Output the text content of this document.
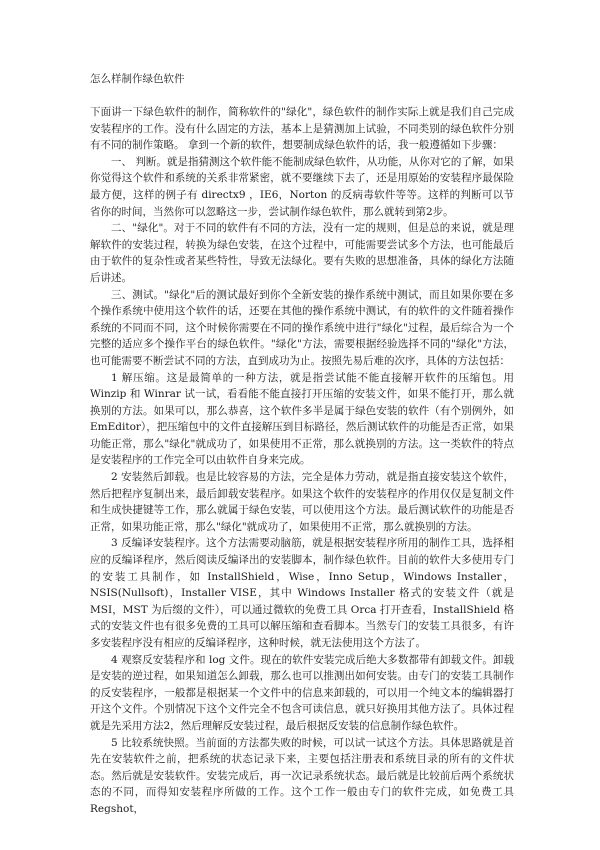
怎么样制作绿色软件

下面讲一下绿色软件的制作，简称软件的"绿化"，绿色软件的制作实际上就是我们自己完成安装程序的工作。没有什么固定的方法，基本上是猜测加上试验，不同类别的绿色软件分别有不同的制作策略。 拿到一个新的软件，想要制成绿色软件的话，我一般遵循如下步骤：

一、 判断。就是指猜测这个软件能不能制成绿色软件，从功能，从你对它的了解，如果你觉得这个软件和系统的关系非常紧密，就不要继续下去了，还是用原始的安装程序最保险最方便，这样的例子有 directx9 ，IE6，Norton 的反病毒软件等等。这样的判断可以节省你的时间，当然你可以忽略这一步，尝试制作绿色软件，那么就转到第2步。

二、"绿化"。对于不同的软件有不同的方法，没有一定的规则，但是总的来说，就是理解软件的安装过程，转换为绿色安装，在这个过程中，可能需要尝试多个方法，也可能最后由于软件的复杂性或者某些特性，导致无法绿化。要有失败的思想准备，具体的绿化方法随后讲述。

三、测试。"绿化"后的测试最好到你个全新安装的操作系统中测试，而且如果你要在多个操作系统中使用这个软件的话，还要在其他的操作系统中测试，有的软件的文件随着操作系统的不同而不同，这个时候你需要在不同的操作系统中进行"绿化"过程，最后综合为一个完整的适应多个操作平台的绿色软件。"绿化"方法，需要根据经验选择不同的"绿化"方法，也可能需要不断尝试不同的方法，直到成功为止。按照先易后难的次序，具体的方法包括：

1 解压缩。这是最简单的一种方法，就是指尝试能不能直接解开软件的压缩包。用 Winzip 和 Winrar 试一试，看看能不能直接打开压缩的安装文件，如果不能打开，那么就换别的方法。如果可以，那么恭喜，这个软件多半是属于绿色安装的软件（有个别例外，如 EmEditor），把压缩包中的文件直接解压到目标路径，然后测试软件的功能是否正常，如果功能正常，那么"绿化"就成功了，如果使用不正常，那么就换别的方法。这一类软件的特点是安装程序的工作完全可以由软件自身来完成。

2 安装然后卸载。也是比较容易的方法，完全是体力劳动，就是指直接安装这个软件，然后把程序复制出来，最后卸载安装程序。如果这个软件的安装程序的作用仅仅是复制文件和生成快捷键等工作，那么就属于绿色安装，可以使用这个方法。最后测试软件的功能是否正常，如果功能正常，那么"绿化"就成功了，如果使用不正常，那么就换别的方法。

3 反编译安装程序。这个方法需要动脑筋，就是根据安装程序所用的制作工具，选择相应的反编译程序，然后阅读反编译出的安装脚本，制作绿色软件。目前的软件大多使用专门的安装工具制作，如 InstallShield，Wise，Inno Setup，Windows Installer，NSIS(Nullsoft)，Installer VISE，其中 Windows Installer 格式的安装文件（就是 MSI，MST 为后缀的文件），可以通过微软的免费工具 Orca 打开查看，InstallShield 格式的安装文件也有很多免费的工具可以解压缩和查看脚本。当然专门的安装工具很多，有许多安装程序没有相应的反编译程序，这种时候，就无法使用这个方法了。

4 观察反安装程序和 log 文件。现在的软件安装完成后绝大多数都带有卸载文件。卸载是安装的逆过程，如果知道怎么卸载，那么也可以推测出如何安装。由专门的安装工具制作的反安装程序，一般都是根据某一个文件中的信息来卸载的，可以用一个纯文本的编辑器打开这个文件。个别情况下这个文件完全不包含可读信息，就只好换用其他方法了。具体过程就是先采用方法2，然后理解反安装过程，最后根据反安装的信息制作绿色软件。

5 比较系统快照。当前面的方法都失败的时候，可以试一试这个方法。具体思路就是首先在安装软件之前，把系统的状态记录下来，主要包括注册表和系统目录的所有的文件状态。然后就是安装软件。安装完成后，再一次记录系统状态。最后就是比较前后两个系统状态的不同，而得知安装程序所做的工作。这个工作一般由专门的软件完成，如免费工具 Regshot，
